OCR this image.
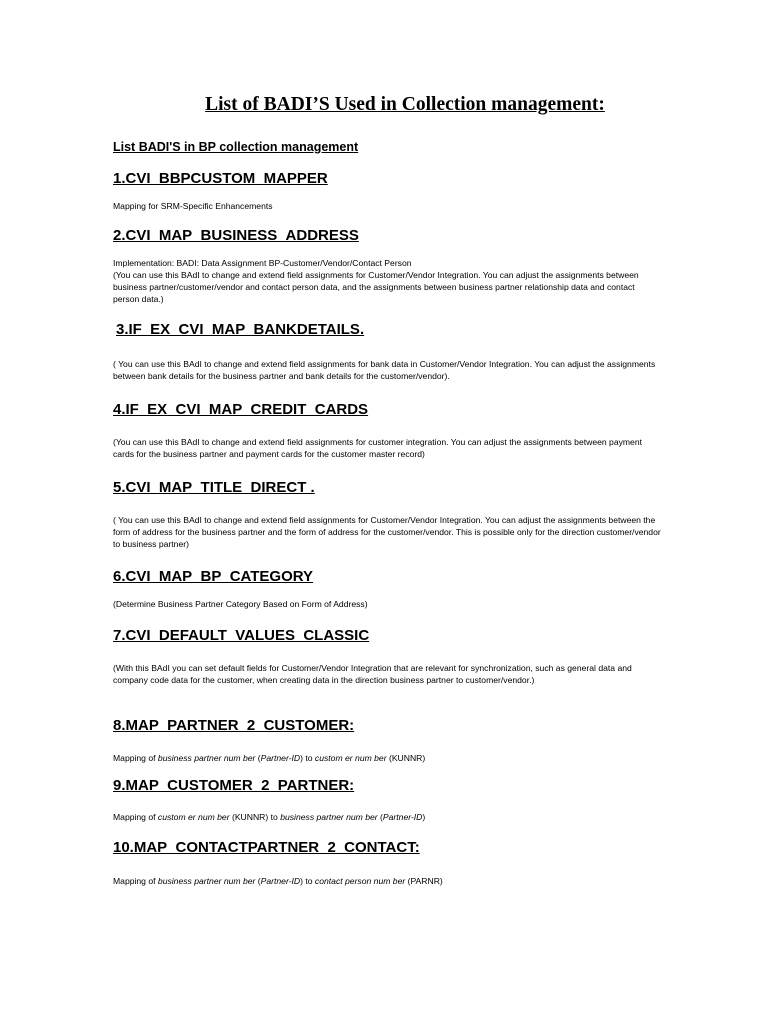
List of BADI’S Used in Collection management:
List BADI'S in BP collection management
1.CVI_BBPCUSTOM_MAPPER

Mapping for SRM-Specific Enhancements

2.CVI_MAP_BUSINESS_ADDRESS

Implementation: BADI: Data Assignment BP-Customer/Vendor/Contact Person

(You can use this BAdI to change and extend field assignments for Customer/Vendor Integration. You can adjust the assignments between business partner/customer/vendor and contact person data, and the assignments between business partner relationship data and contact person data.)

3.IF_EX_CVI_MAP_BANKDETAILS.

( You can use this BAdI to change and extend field assignments for bank data in Customer/Vendor Integration. You can adjust the assignments between bank details for the business partner and bank details for the customer/vendor).

4.IF_EX_CVI_MAP_CREDIT_CARDS

(You can use this BAdI to change and extend field assignments for customer integration. You can adjust the assignments between payment cards for the business partner and payment cards for the customer master record)

5.CVI_MAP_TITLE_DIRECT .

( You can use this BAdI to change and extend field assignments for Customer/Vendor Integration. You can adjust the assignments between the form of address for the business partner and the form of address for the customer/vendor. This is possible only for the direction customer/vendor to business partner)

6.CVI_MAP_BP_CATEGORY

(Determine Business Partner Category Based on Form of Address)

7.CVI_DEFAULT_VALUES_CLASSIC

(With this BAdI you can set default fields for Customer/Vendor Integration that are relevant for synchronization, such as general data and company code data for the customer, when creating data in the direction business partner to customer/vendor.)

8.MAP_PARTNER_2_CUSTOMER:

Mapping of business partner num ber (Partner-ID) to custom er num ber (KUNNR)

9.MAP_CUSTOMER_2_PARTNER:

Mapping of custom er num ber (KUNNR) to business partner num ber (Partner-ID)

10.MAP_CONTACTPARTNER_2_CONTACT:

Mapping of business partner num ber (Partner-ID) to contact person num ber (PARNR)
